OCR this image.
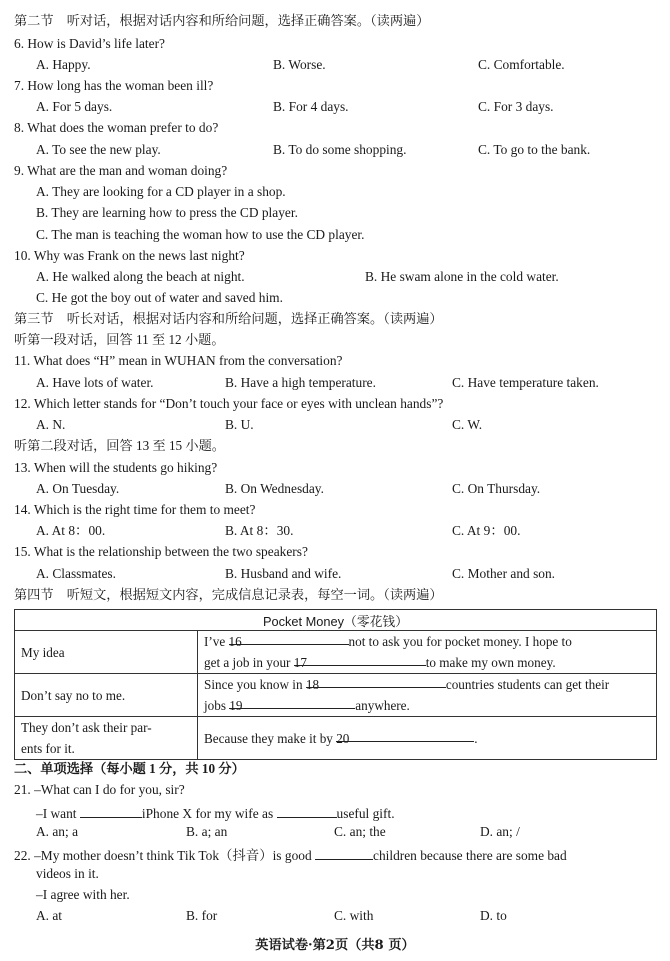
第二节　听对话，根据对话内容和所给问题，选择正确答案。（读两遍）
6. How is David’s life later?
A. Happy.	B. Worse.	C. Comfortable.
7. How long has the woman been ill?
A. For 5 days.	B. For 4 days.	C. For 3 days.
8. What does the woman prefer to do?
A. To see the new play.	B. To do some shopping.	C. To go to the bank.
9. What are the man and woman doing?
A. They are looking for a CD player in a shop.
B. They are learning how to press the CD player.
C. The man is teaching the woman how to use the CD player.
10. Why was Frank on the news last night?
A. He walked along the beach at night.	B. He swam alone in the cold water.
C. He got the boy out of water and saved him.
第三节　听长对话，根据对话内容和所给问题，选择正确答案。（读两遍）
听第一段对话，回答 11 至 12 小题。
11. What does “H” mean in WUHAN from the conversation?
A. Have lots of water.	B. Have a high temperature.	C. Have temperature taken.
12. Which letter stands for “Don’t touch your face or eyes with unclean hands”?
A. N.	B. U.	C. W.
听第二段对话，回答 13 至 15 小题。
13. When will the students go hiking?
A. On Tuesday.	B. On Wednesday.	C. On Thursday.
14. Which is the right time for them to meet?
A. At 8：00.	B. At 8：30.	C. At 9：00.
15. What is the relationship between the two speakers?
A. Classmates.	B. Husband and wife.	C. Mother and son.
第四节　听短文，根据短文内容，完成信息记录表，每空一词。（读两遍）
Pocket Money（零花钱）	
My idea	I’ve 16 not to ask you for pocket money. I hope to
get a job in your 17 to make my own money.
Don’t say no to me.	Since you know in 18 countries students can get their
jobs 19 anywhere.
They don’t ask their par-
ents for it.	Because they make it by 20 .
二、单项选择（每小题 1 分，共 10 分）
21. –What can I do for you, sir?
–I want	iPhone X for my wife as	useful gift.
A. an; a	B. a; an	C. an; the	D. an; /
22. –My mother doesn’t think Tik Tok（抖音）is good	children because there are some bad
videos in it.
–I agree with her.
A. at	B. for	C. with	D. to
英语试卷·第2页（共8 页）
